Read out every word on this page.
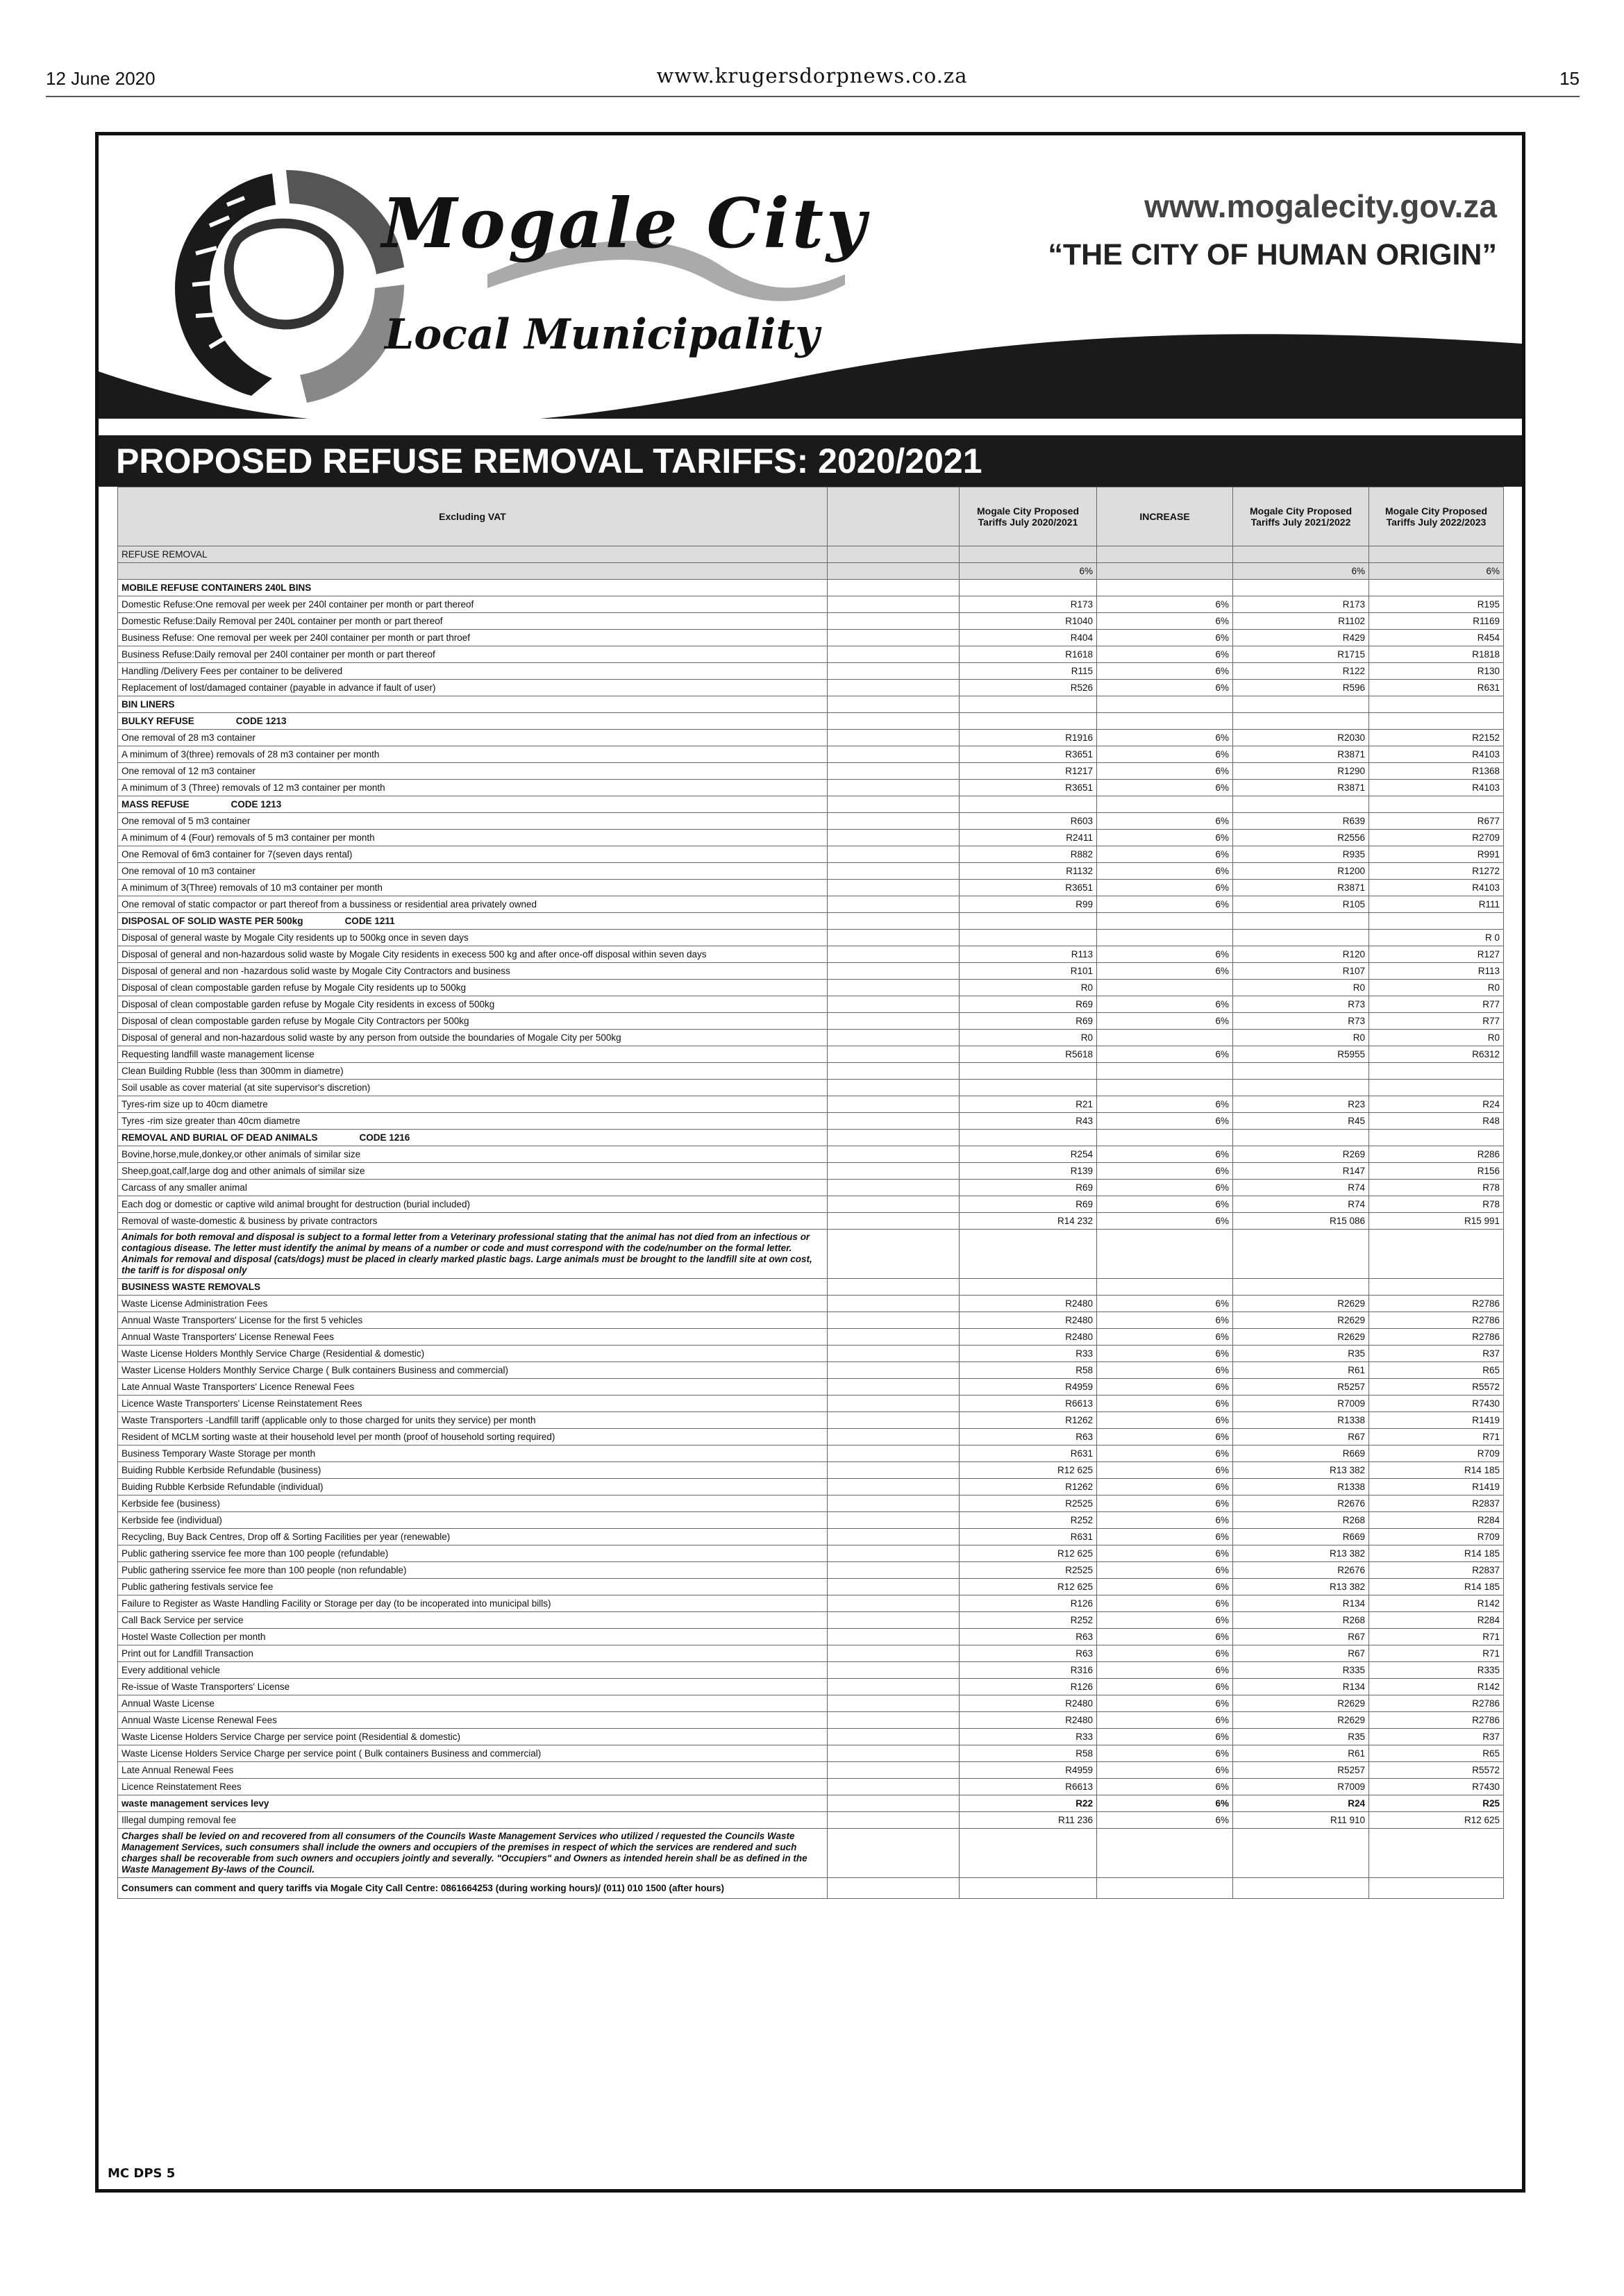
12 June 2020	www.krugersdorpnews.co.za	15
Mogale City
Local Municipality
www.mogalecity.gov.za
“THE CITY OF HUMAN ORIGIN”
PROPOSED REFUSE REMOVAL TARIFFS: 2020/2021
Excluding VAT		Mogale City Proposed Tariffs July 2020/2021	INCREASE	Mogale City Proposed Tariffs July 2021/2022	Mogale City Proposed Tariffs July 2022/2023
REFUSE REMOVAL					
		6%		6%	6%
MOBILE REFUSE CONTAINERS 240L BINS					
Domestic Refuse:One removal per week per 240l container per month or part thereof		R173	6%	R173	R195
Domestic Refuse:Daily Removal per 240L container per month or part thereof		R1040	6%	R1102	R1169
Business Refuse: One removal per week per 240l container per month or part throef		R404	6%	R429	R454
Business Refuse:Daily removal per 240l container per month or part thereof		R1618	6%	R1715	R1818
Handling /Delivery Fees per container to be delivered		R115	6%	R122	R130
Replacement of lost/damaged container (payable in advance if fault of user)		R526	6%	R596	R631
BIN LINERS					
BULKY REFUSE CODE 1213					
One removal of 28 m3 container		R1916	6%	R2030	R2152
A minimum of 3(three) removals of 28 m3 container per month		R3651	6%	R3871	R4103
One removal of 12 m3 container		R1217	6%	R1290	R1368
A minimum of 3 (Three) removals of 12 m3 container per month		R3651	6%	R3871	R4103
MASS REFUSE CODE 1213					
One removal of 5 m3 container		R603	6%	R639	R677
A minimum of 4 (Four) removals of 5 m3 container per month		R2411	6%	R2556	R2709
One Removal of 6m3 container for 7(seven days rental)		R882	6%	R935	R991
One removal of 10 m3 container		R1132	6%	R1200	R1272
A minimum of 3(Three) removals of 10 m3 container per month		R3651	6%	R3871	R4103
One removal of static compactor or part thereof from a bussiness or residential area privately owned		R99	6%	R105	R111
DISPOSAL OF SOLID WASTE PER 500kg CODE 1211					
Disposal of general waste by Mogale City residents up to 500kg once in seven days					R 0
Disposal of general and non-hazardous solid waste by Mogale City residents in execess 500 kg and after once-off disposal within seven days		R113	6%	R120	R127
Disposal of general and non -hazardous solid waste by Mogale City Contractors and business		R101	6%	R107	R113
Disposal of clean compostable garden refuse by Mogale City residents up to 500kg		R0		R0	R0
Disposal of clean compostable garden refuse by Mogale City residents in excess of 500kg		R69	6%	R73	R77
Disposal of clean compostable garden refuse by Mogale City Contractors per 500kg		R69	6%	R73	R77
Disposal of general and non-hazardous solid waste by any person from outside the boundaries of Mogale City per 500kg		R0		R0	R0
Requesting landfill waste management license		R5618	6%	R5955	R6312
Clean Building Rubble (less than 300mm in diametre)					
Soil usable as cover material (at site supervisor's discretion)					
Tyres-rim size up to 40cm diametre		R21	6%	R23	R24
Tyres -rim size greater than 40cm diametre		R43	6%	R45	R48
REMOVAL AND BURIAL OF DEAD ANIMALS CODE 1216					
Bovine,horse,mule,donkey,or other animals of similar size		R254	6%	R269	R286
Sheep,goat,calf,large dog and other animals of similar size		R139	6%	R147	R156
Carcass of any smaller animal		R69	6%	R74	R78
Each dog or domestic or captive wild animal brought for destruction (burial included)		R69	6%	R74	R78
Removal of waste-domestic & business by private contractors		R14 232	6%	R15 086	R15 991
Animals for both removal and disposal is subject to a formal letter from a Veterinary professional stating that the animal has not died from an infectious or contagious disease. The letter must identify the animal by means of a number or code and must correspond with the code/number on the formal letter. Animals for removal and disposal (cats/dogs) must be placed in clearly marked plastic bags. Large animals must be brought to the landfill site at own cost, the tariff is for disposal only					
BUSINESS WASTE REMOVALS					
Waste License Administration Fees		R2480	6%	R2629	R2786
Annual Waste Transporters' License for the first 5 vehicles		R2480	6%	R2629	R2786
Annual Waste Transporters' License Renewal Fees		R2480	6%	R2629	R2786
Waste License Holders Monthly Service Charge (Residential & domestic)		R33	6%	R35	R37
Waster License Holders Monthly Service Charge ( Bulk containers Business and commercial)		R58	6%	R61	R65
Late Annual Waste Transporters' Licence Renewal Fees		R4959	6%	R5257	R5572
Licence Waste Transporters' License Reinstatement Rees		R6613	6%	R7009	R7430
Waste Transporters -Landfill tariff (applicable only to those charged for units they service) per month		R1262	6%	R1338	R1419
Resident of MCLM sorting waste at their household level per month (proof of household sorting required)		R63	6%	R67	R71
Business Temporary Waste Storage per month		R631	6%	R669	R709
Buiding Rubble Kerbside Refundable (business)		R12 625	6%	R13 382	R14 185
Buiding Rubble Kerbside Refundable (individual)		R1262	6%	R1338	R1419
Kerbside fee (business)		R2525	6%	R2676	R2837
Kerbside fee (individual)		R252	6%	R268	R284
Recycling, Buy Back Centres, Drop off & Sorting Facilities per year (renewable)		R631	6%	R669	R709
Public gathering sservice fee more than 100 people (refundable)		R12 625	6%	R13 382	R14 185
Public gathering sservice fee more than 100 people (non refundable)		R2525	6%	R2676	R2837
Public gathering festivals service fee		R12 625	6%	R13 382	R14 185
Failure to Register as Waste Handling Facility or Storage per day (to be incoperated into municipal bills)		R126	6%	R134	R142
Call Back Service per service		R252	6%	R268	R284
Hostel Waste Collection per month		R63	6%	R67	R71
Print out for Landfill Transaction		R63	6%	R67	R71
Every additional vehicle		R316	6%	R335	R335
Re-issue of Waste Transporters' License		R126	6%	R134	R142
Annual Waste License		R2480	6%	R2629	R2786
Annual Waste License Renewal Fees		R2480	6%	R2629	R2786
Waste License Holders Service Charge per service point (Residential & domestic)		R33	6%	R35	R37
Waste License Holders Service Charge per service point ( Bulk containers Business and commercial)		R58	6%	R61	R65
Late Annual Renewal Fees		R4959	6%	R5257	R5572
Licence Reinstatement Rees		R6613	6%	R7009	R7430
waste management services levy		R22	6%	R24	R25
Illegal dumping removal fee		R11 236	6%	R11 910	R12 625
Charges shall be levied on and recovered from all consumers of the Councils Waste Management Services who utilized / requested the Councils Waste Management Services, such consumers shall include the owners and occupiers of the premises in respect of which the services are rendered and such charges shall be recoverable from such owners and occupiers jointly and severally. "Occupiers" and Owners as intended herein shall be as defined in the Waste Management By-laws of the Council.					
Consumers can comment and query tariffs via Mogale City Call Centre: 0861664253 (during working hours)/ (011) 010 1500 (after hours)					
MC DPS 5
